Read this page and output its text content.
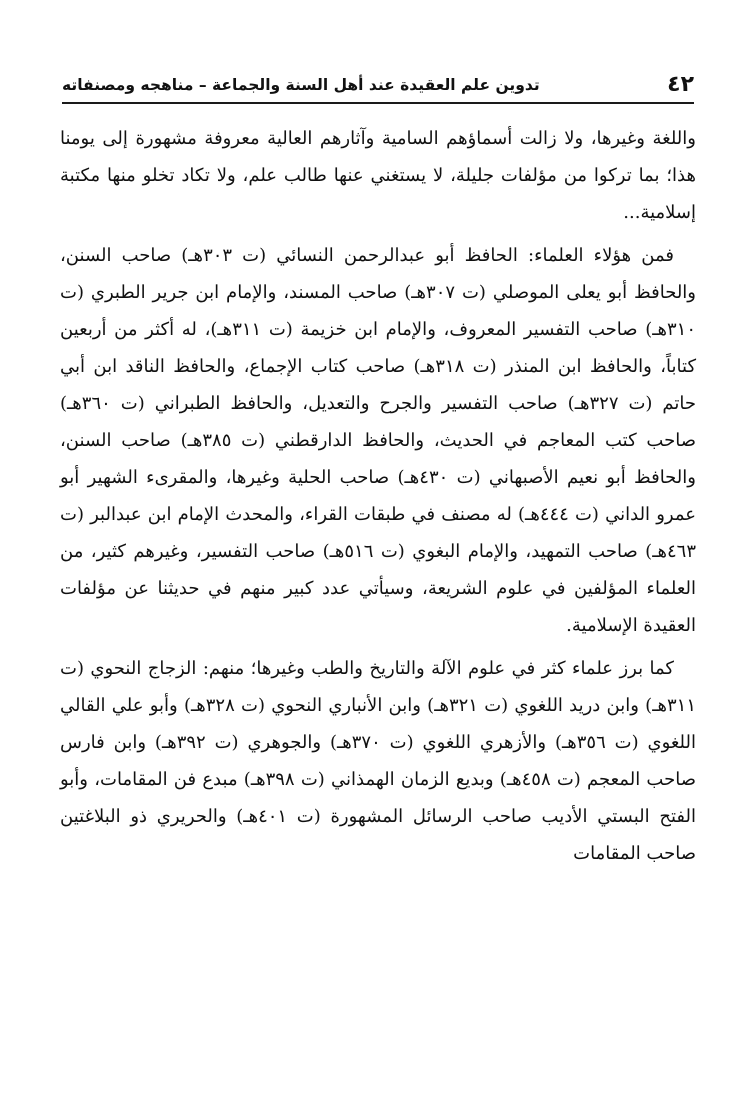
٤٢
تدوين علم العقيدة عند أهل السنة والجماعة – مناهجه ومصنفاته

واللغة وغيرها، ولا زالت أسماؤهم السامية وآثارهم العالية معروفة مشهورة إلى يومنا هذا؛ بما تركوا من مؤلفات جليلة، لا يستغني عنها طالب علم، ولا تكاد تخلو منها مكتبة إسلامية...

فمن هؤلاء العلماء: الحافظ أبو عبدالرحمن النسائي (ت ٣٠٣هـ) صاحب السنن، والحافظ أبو يعلى الموصلي (ت ٣٠٧هـ) صاحب المسند، والإمام ابن جرير الطبري (ت ٣١٠هـ) صاحب التفسير المعروف، والإمام ابن خزيمة (ت ٣١١هـ)، له أكثر من أربعين كتاباً، والحافظ ابن المنذر (ت ٣١٨هـ) صاحب كتاب الإجماع، والحافظ الناقد ابن أبي حاتم (ت ٣٢٧هـ) صاحب التفسير والجرح والتعديل، والحافظ الطبراني (ت ٣٦٠هـ) صاحب كتب المعاجم في الحديث، والحافظ الدارقطني (ت ٣٨٥هـ) صاحب السنن، والحافظ أبو نعيم الأصبهاني (ت ٤٣٠هـ) صاحب الحلية وغيرها، والمقرىء الشهير أبو عمرو الداني (ت ٤٤٤هـ) له مصنف في طبقات القراء، والمحدث الإمام ابن عبدالبر (ت ٤٦٣هـ) صاحب التمهيد، والإمام البغوي (ت ٥١٦هـ) صاحب التفسير، وغيرهم كثير، من العلماء المؤلفين في علوم الشريعة، وسيأتي عدد كبير منهم في حديثنا عن مؤلفات العقيدة الإسلامية.

كما برز علماء كثر في علوم الآلة والتاريخ والطب وغيرها؛ منهم: الزجاج النحوي (ت ٣١١هـ) وابن دريد اللغوي (ت ٣٢١هـ) وابن الأنباري النحوي (ت ٣٢٨هـ) وأبو علي القالي اللغوي (ت ٣٥٦هـ) والأزهري اللغوي (ت ٣٧٠هـ) والجوهري (ت ٣٩٢هـ) وابن فارس صاحب المعجم (ت ٤٥٨هـ) وبديع الزمان الهمذاني (ت ٣٩٨هـ) مبدع فن المقامات، وأبو الفتح البستي الأديب صاحب الرسائل المشهورة (ت ٤٠١هـ) والحريري ذو البلاغتين صاحب المقامات
